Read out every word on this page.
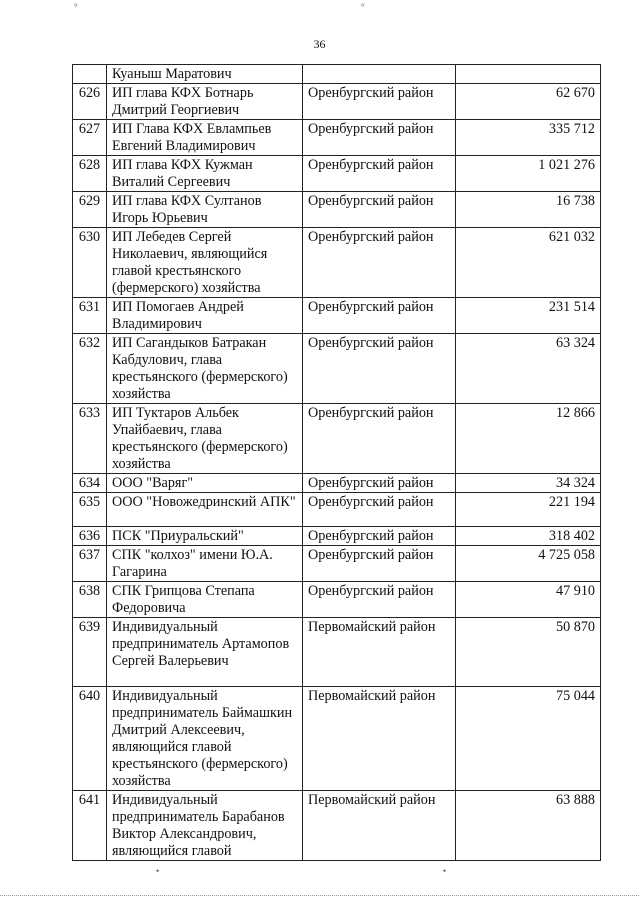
°	°
•	•
36
	Куаныш Маратович		
626	ИП глава КФХ Ботнарь Дмитрий Георгиевич	Оренбургский район	62 670
627	ИП Глава КФХ Евлампьев Евгений Владимирович	Оренбургский район	335 712
628	ИП глава КФХ Кужман Виталий Сергеевич	Оренбургский район	1 021 276
629	ИП глава КФХ Султанов Игорь Юрьевич	Оренбургский район	16 738
630	ИП Лебедев Сергей Николаевич, являющийся главой крестьянского (фермерского) хозяйства	Оренбургский район	621 032
631	ИП Помогаев Андрей Владимирович	Оренбургский район	231 514
632	ИП Сагандыков Батракан Кабдулович, глава крестьянского (фермерского) хозяйства	Оренбургский район	63 324
633	ИП Туктаров Альбек Упайбаевич, глава крестьянского (фермерского) хозяйства	Оренбургский район	12 866
634	ООО "Варяг"	Оренбургский район	34 324
635	ООО "Новожедринский АПК"	Оренбургский район	221 194
636	ПСК "Приуральский"	Оренбургский район	318 402
637	СПК "колхоз" имени Ю.А. Гагарина	Оренбургский район	4 725 058
638	СПК Грипцова Степапа Федоровича	Оренбургский район	47 910
639	Индивидуальный предприниматель Артамопов Сергей Валерьевич	Первомайский район	50 870
640	Индивидуальный предприниматель Баймашкин Дмитрий Алексеевич, являющийся главой крестьянского (фермерского) хозяйства	Первомайский район	75 044
641	Индивидуальный предприниматель Барабанов Виктор Александрович, являющийся главой	Первомайский район	63 888
